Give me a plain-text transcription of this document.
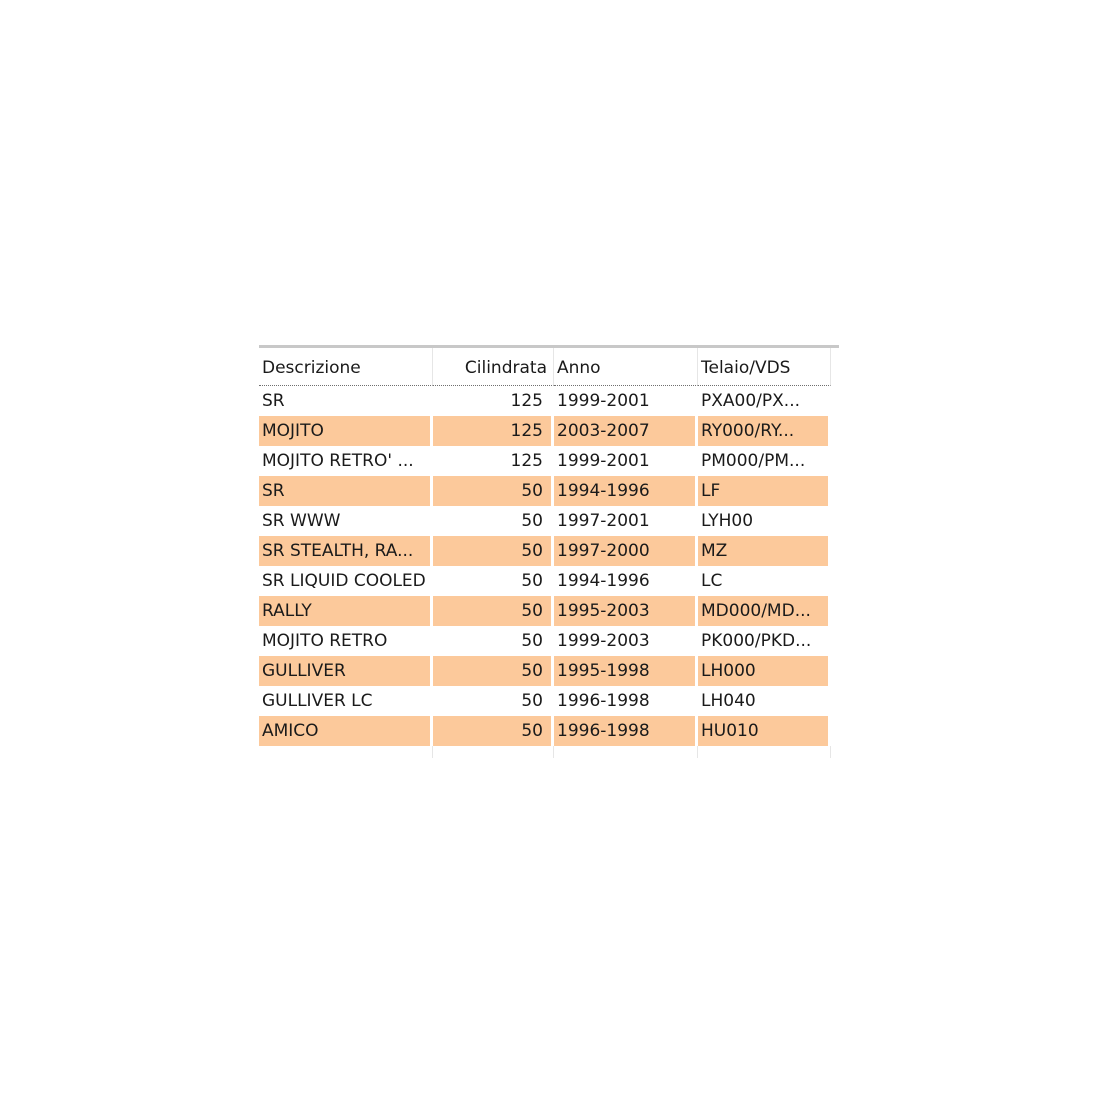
Descrizione	Cilindrata Anno	Telaio/VDS
SR	125 1999-2001	PXA00/PX...
MOJITO	125 2003-2007	RY000/RY...
MOJITO RETRO' ...	125 1999-2001	PM000/PM...
SR	50 1994-1996	LF
SR WWW	50 1997-2001	LYH00
SR STEALTH, RA...	50 1997-2000	MZ
SR LIQUID COOLED	50 1994-1996	LC
RALLY	50 1995-2003	MD000/MD...
MOJITO RETRO	50 1999-2003	PK000/PKD...
GULLIVER	50 1995-1998	LH000
GULLIVER LC	50 1996-1998	LH040
AMICO	50 1996-1998	HU010
